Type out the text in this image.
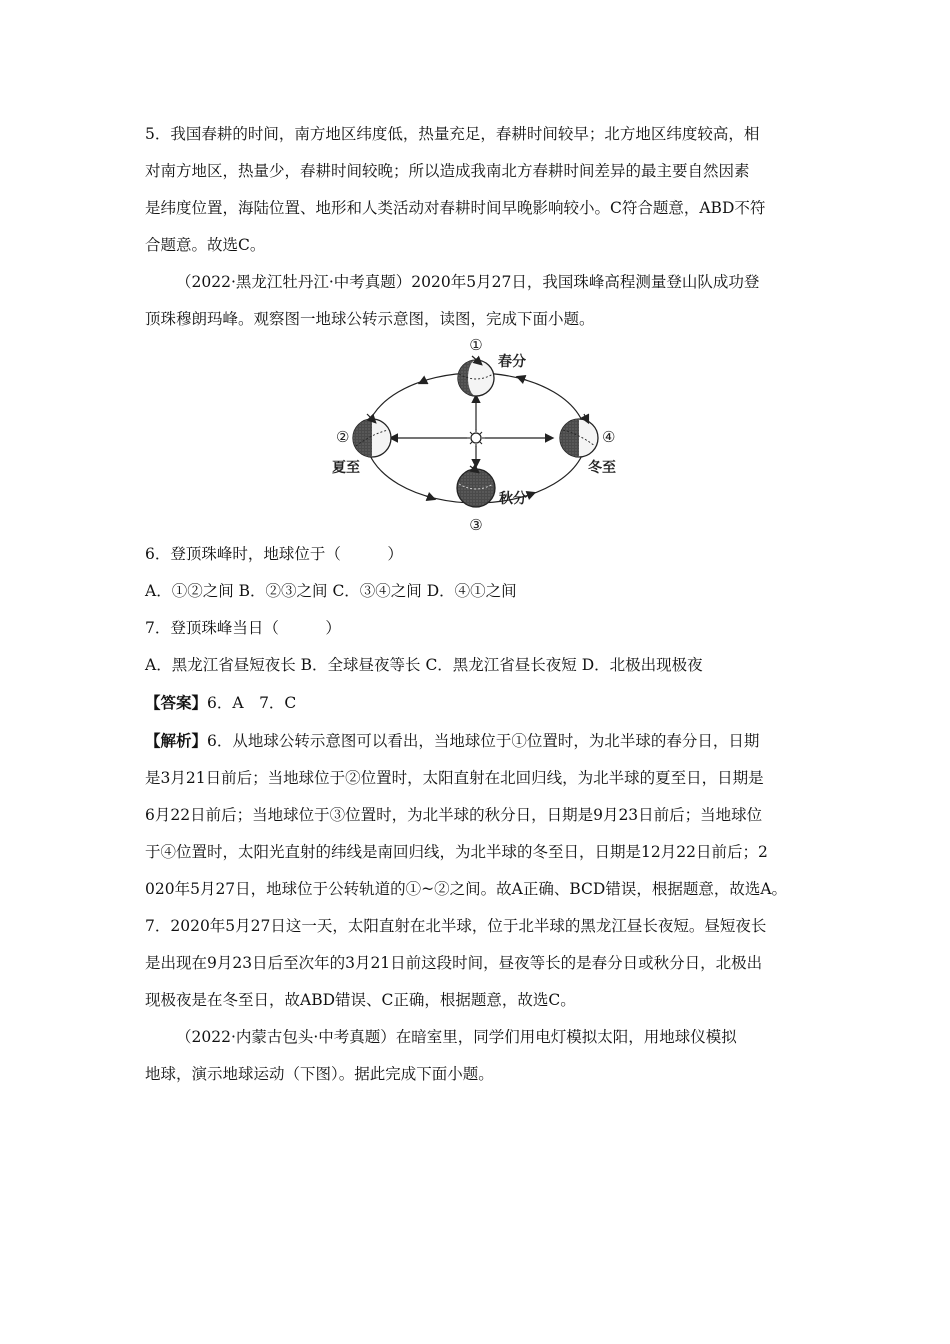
5．我国春耕的时间，南方地区纬度低，热量充足，春耕时间较早；北方地区纬度较高，相

对南方地区，热量少，春耕时间较晚；所以造成我南北方春耕时间差异的最主要自然因素

是纬度位置，海陆位置、地形和人类活动对春耕时间早晚影响较小。C符合题意，ABD不符

合题意。故选C。

（2022·黑龙江牡丹江·中考真题）2020年5月27日，我国珠峰高程测量登山队成功登

顶珠穆朗玛峰。观察图一地球公转示意图，读图，完成下面小题。

①
春分
②
夏至
秋分
③
④
冬至

6．登顶珠峰时，地球位于（　　　）

A．①②之间 B．②③之间 C．③④之间 D．④①之间

7．登顶珠峰当日（　　　）

A．黑龙江省昼短夜长 B．全球昼夜等长 C．黑龙江省昼长夜短 D．北极出现极夜

【答案】6．A　7．C

【解析】6．从地球公转示意图可以看出，当地球位于①位置时，为北半球的春分日，日期

是3月21日前后；当地球位于②位置时，太阳直射在北回归线，为北半球的夏至日，日期是

6月22日前后；当地球位于③位置时，为北半球的秋分日，日期是9月23日前后；当地球位

于④位置时，太阳光直射的纬线是南回归线，为北半球的冬至日，日期是12月22日前后；2

020年5月27日，地球位于公转轨道的①~②之间。故A正确、BCD错误，根据题意，故选A。

7．2020年5月27日这一天，太阳直射在北半球，位于北半球的黑龙江昼长夜短。昼短夜长

是出现在9月23日后至次年的3月21日前这段时间，昼夜等长的是春分日或秋分日，北极出

现极夜是在冬至日，故ABD错误、C正确，根据题意，故选C。

（2022·内蒙古包头·中考真题）在暗室里，同学们用电灯模拟太阳，用地球仪模拟

地球，演示地球运动（下图）。据此完成下面小题。
